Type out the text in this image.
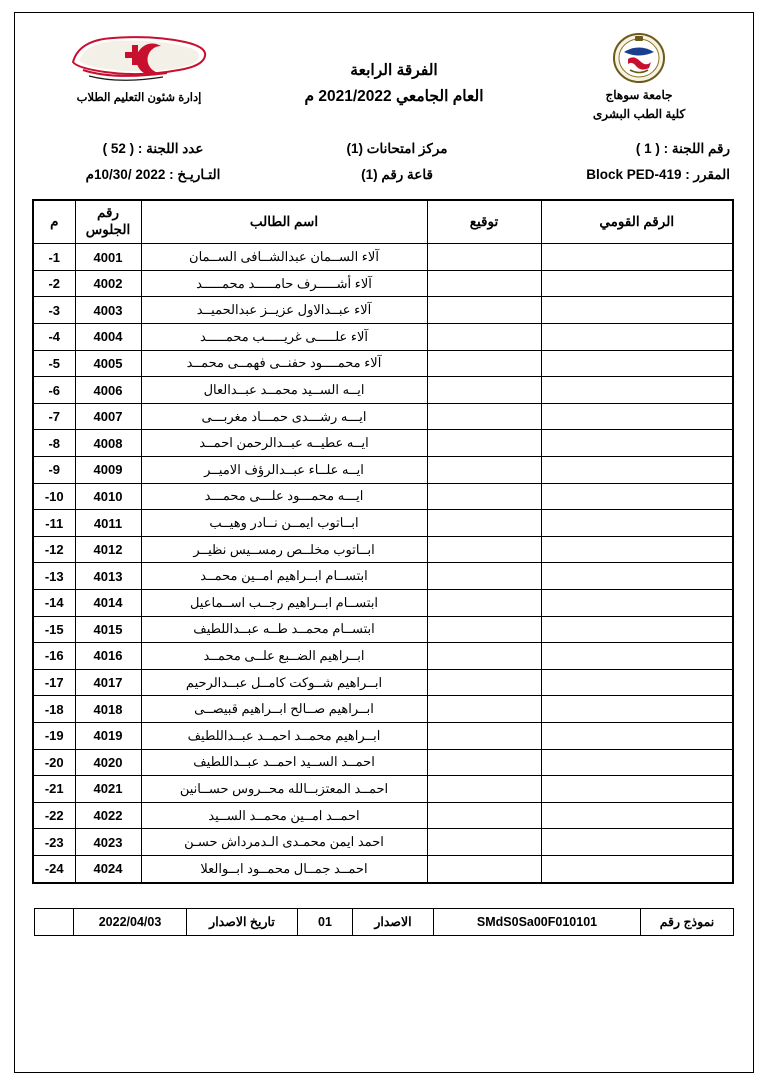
جامعة سوهاج
كلية الطب البشرى
الفرقة الرابعة
العام الجامعي 2021/2022 م
إدارة شئون التعليم الطلاب
رقم اللجنة : ( 1 )
مركز امتحانات (1)
عدد اللجنة : ( 52 )
المقرر : Block PED-419
قاعة رقم (1)
التـاريـخ : 2022 /10/30م
الرقم القومي	توقيع	اسم الطالب	رقم الجلوس	م
		آلاء الســمان عبدالشــافى الســمان	4001	-1
		آلاء أشـــــرف حامـــــد محمـــــد	4002	-2
		آلاء عبــدالاول عزيــز عبدالحميــد	4003	-3
		آلاء علـــــى غريـــــب محمـــــد	4004	-4
		آلاء محمــــود حفنــى فهمــى محمــد	4005	-5
		ايــه الســيد محمــد عبــدالعال	4006	-6
		ايـــه رشـــدى حمـــاد مغربـــى	4007	-7
		ايــه عطيــه عبــدالرحمن احمــد	4008	-8
		ايــه علــاء عبــدالرؤف الاميــر	4009	-9
		ايـــه محمـــود علـــى محمـــد	4010	-10
		ابــاتوب ايمــن نــادر وهيــب	4011	-11
		ابــاتوب مخلــص رمســيس نظيــر	4012	-12
		ابتســام ابــراهيم امــين محمــد	4013	-13
		ابتســام ابــراهيم رجــب اســماعيل	4014	-14
		ابتســام محمــد طــه عبــداللطيف	4015	-15
		ابــراهيم الضــبع علــى محمــد	4016	-16
		ابــراهيم شــوكت كامــل عبــدالرحيم	4017	-17
		ابــراهيم صــالح ابــراهيم قبيصــى	4018	-18
		ابــراهيم محمــد احمــد عبــداللطيف	4019	-19
		احمــد الســيد احمــد عبــداللطيف	4020	-20
		احمــد المعتزبــالله محــروس حســانين	4021	-21
		احمــد امــين محمــد الســيد	4022	-22
		احمد ايمن محمـدى الـدمرداش حسـن	4023	-23
		احمــد جمــال محمــود ابــوالعلا	4024	-24
نموذج رقم	SMdS0Sa00F010101	الاصدار	01	تاريخ الاصدار	2022/04/03	
